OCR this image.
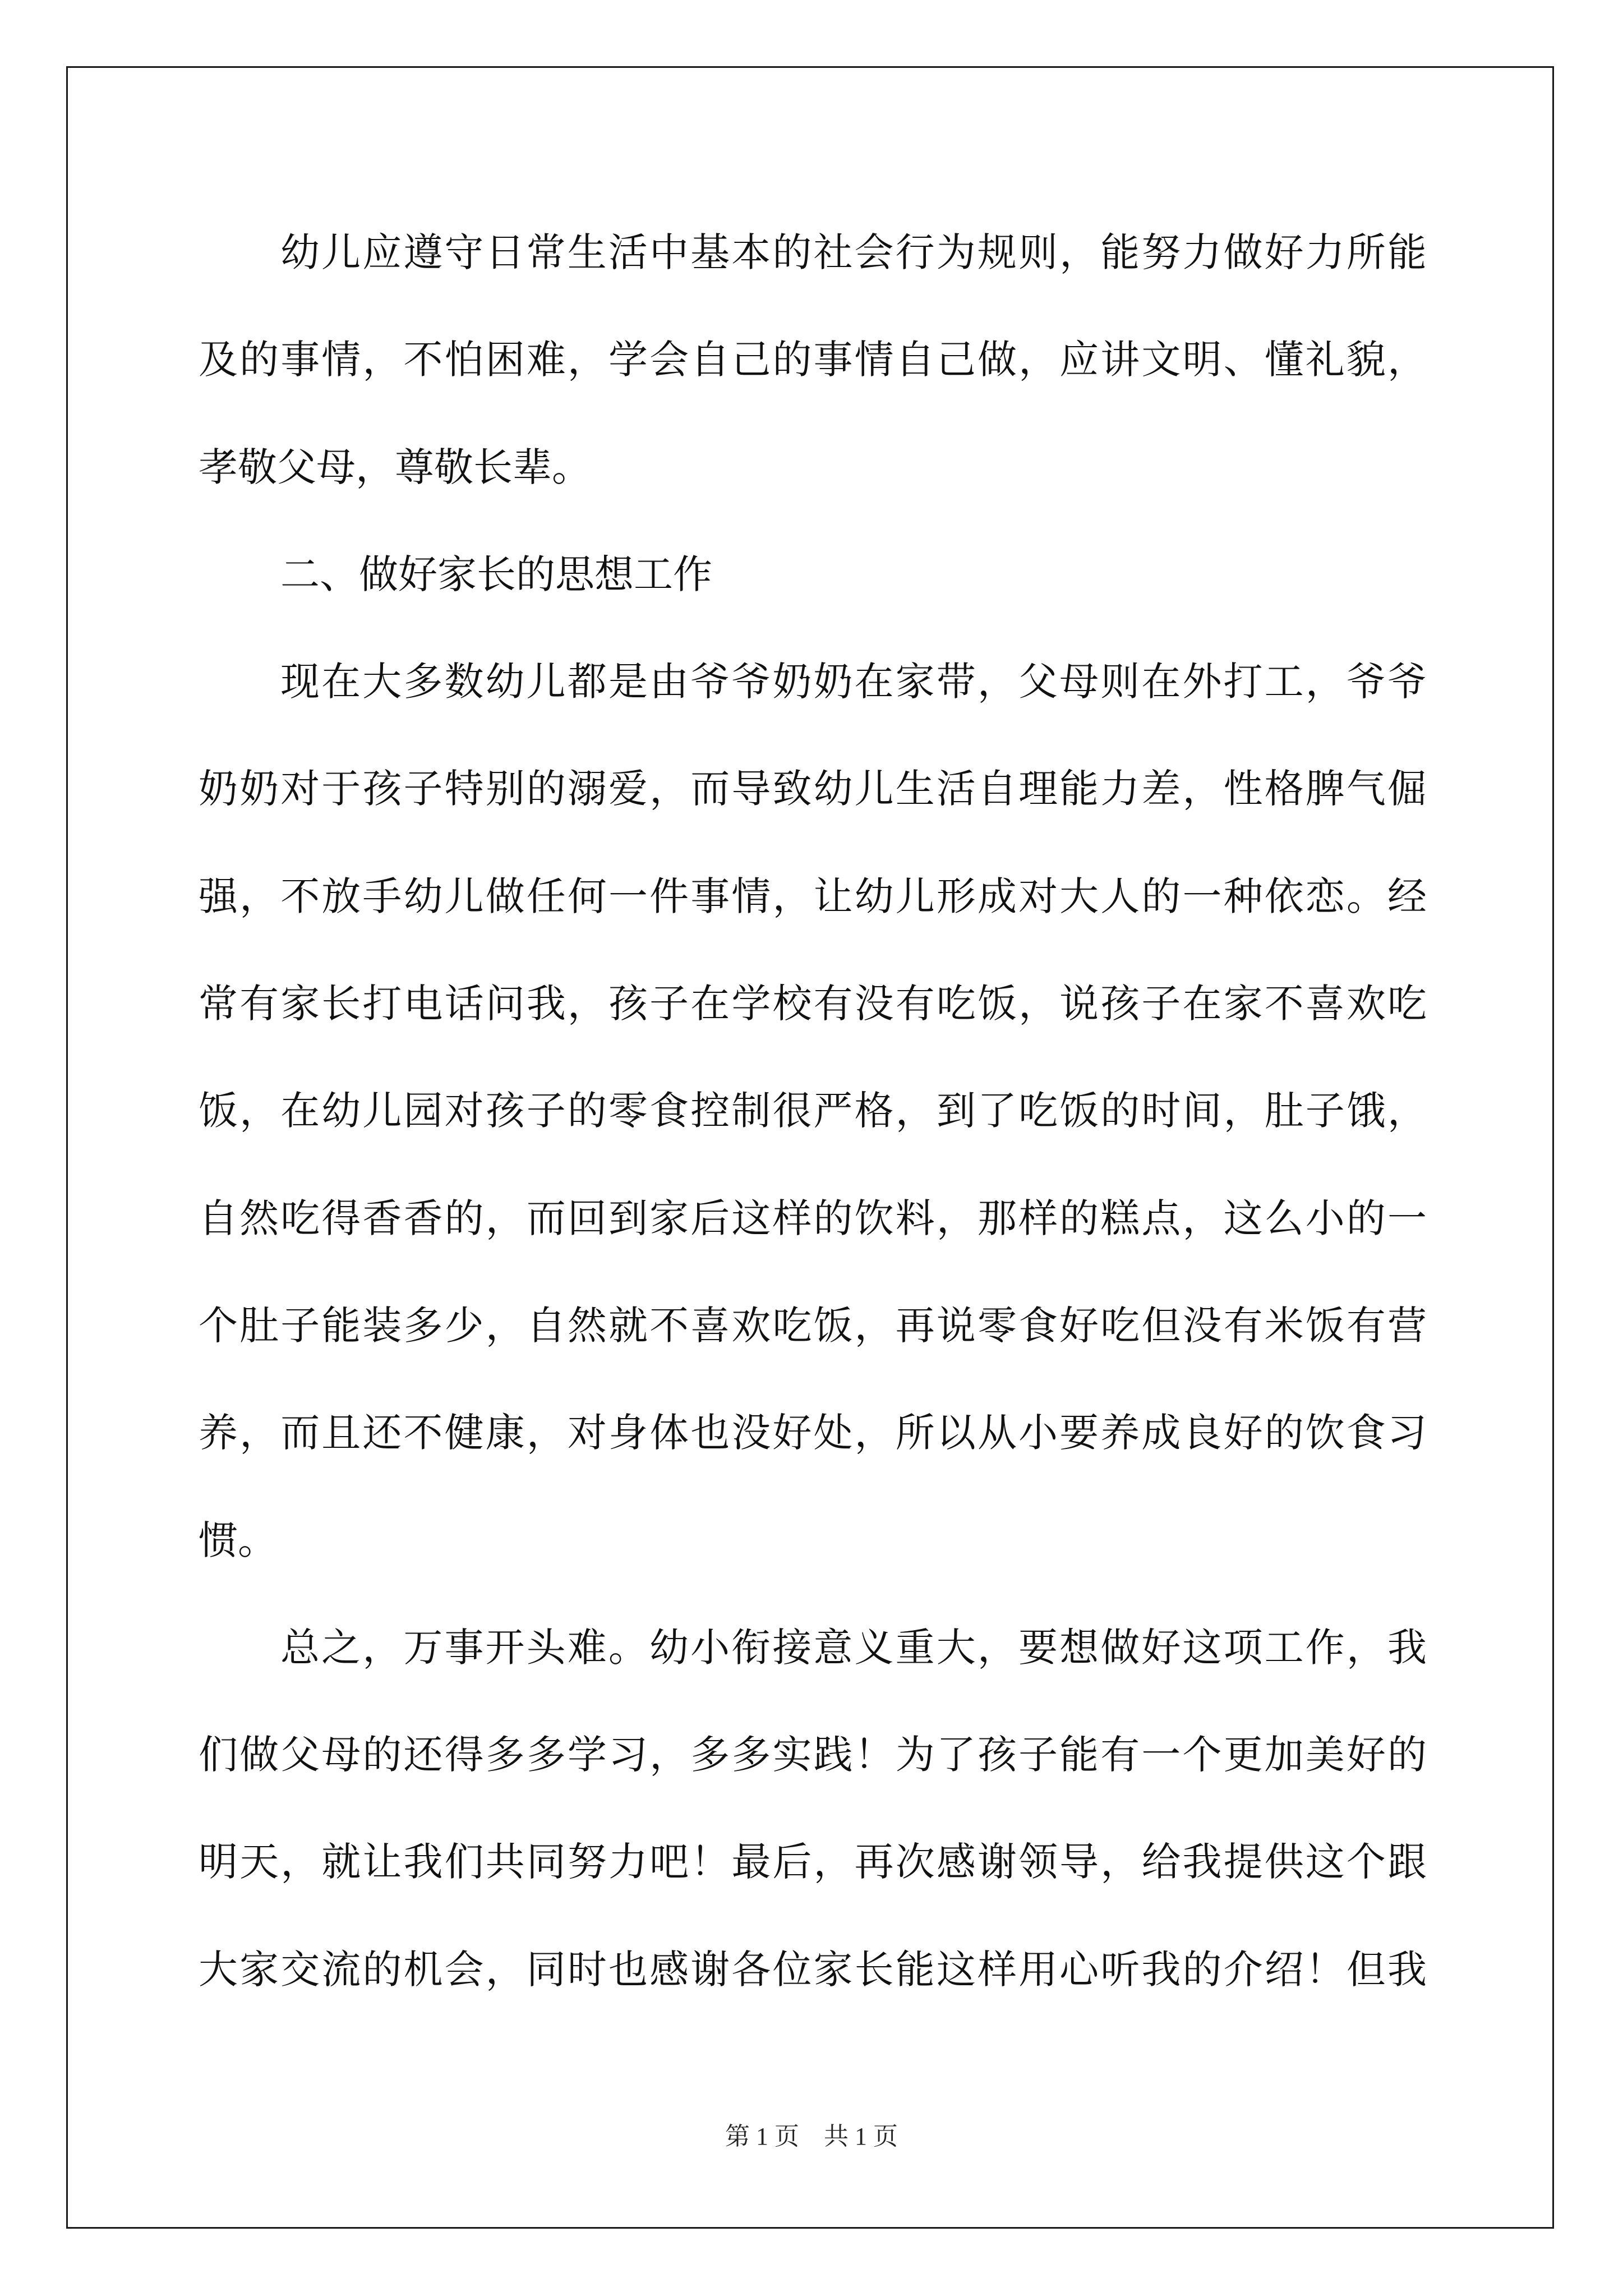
幼儿应遵守日常生活中基本的社会行为规则，能努力做好力所能
及的事情，不怕困难，学会自己的事情自己做，应讲文明、懂礼貌，
孝敬父母，尊敬长辈。
二、做好家长的思想工作
现在大多数幼儿都是由爷爷奶奶在家带，父母则在外打工，爷爷
奶奶对于孩子特别的溺爱，而导致幼儿生活自理能力差，性格脾气倔
强，不放手幼儿做任何一件事情，让幼儿形成对大人的一种依恋。经
常有家长打电话问我，孩子在学校有没有吃饭，说孩子在家不喜欢吃
饭，在幼儿园对孩子的零食控制很严格，到了吃饭的时间，肚子饿，
自然吃得香香的，而回到家后这样的饮料，那样的糕点，这么小的一
个肚子能装多少，自然就不喜欢吃饭，再说零食好吃但没有米饭有营
养，而且还不健康，对身体也没好处，所以从小要养成良好的饮食习
惯。
总之，万事开头难。幼小衔接意义重大，要想做好这项工作，我
们做父母的还得多多学习，多多实践！为了孩子能有一个更加美好的
明天，就让我们共同努力吧！最后，再次感谢领导，给我提供这个跟
大家交流的机会，同时也感谢各位家长能这样用心听我的介绍！但我
第 1 页    共 1 页
